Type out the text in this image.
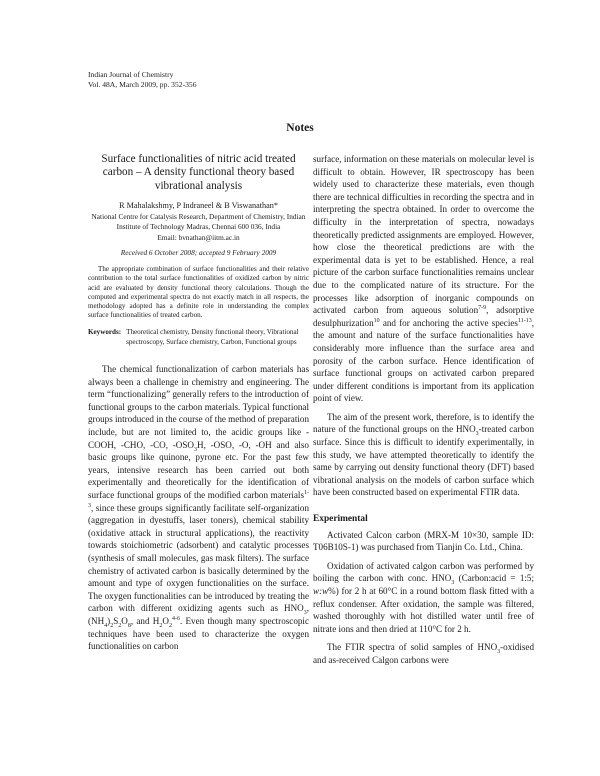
Indian Journal of Chemistry
Vol. 48A, March 2009, pp. 352-356
Notes
Surface functionalities of nitric acid treated carbon – A density functional theory based vibrational analysis
R Mahalakshmy, P Indraneel & B Viswanathan*
National Centre for Catalysis Research, Department of Chemistry, Indian Institute of Technology Madras, Chennai 600 036, India
Email: bvnathan@iitm.ac.in
Received 6 October 2008; accepted 9 February 2009

The appropriate combination of surface functionalities and their relative contribution to the total surface functionalities of oxidized carbon by nitric acid are evaluated by density functional theory calculations. Though the computed and experimental spectra do not exactly match in all respects, the methodology adopted has a definite role in understanding the complex surface functionalities of treated carbon.

Keywords: Theoretical chemistry, Density functional theory, Vibrational spectroscopy, Surface chemistry, Carbon, Functional groups

The chemical functionalization of carbon materials has always been a challenge in chemistry and engineering. The term “functionalizing” generally refers to the introduction of functional groups to the carbon materials. Typical functional groups introduced in the course of the method of preparation include, but are not limited to, the acidic groups like -COOH, -CHO, -CO, $-OSO_3H$, -OSO, -O, -OH and also basic groups like quinone, pyrone etc. For the past few years, intensive research has been carried out both experimentally and theoretically for the identification of surface functional groups of the modified carbon materials$^{1-3}$, since these groups significantly facilitate self-organization (aggregation in dyestuffs, laser toners), chemical stability (oxidative attack in structural applications), the reactivity towards stoichiometric (adsorbent) and catalytic processes (synthesis of small molecules, gas mask filters). The surface chemistry of activated carbon is basically determined by the amount and type of oxygen functionalities on the surface. The oxygen functionalities can be introduced by treating the carbon with different oxidizing agents such as $HNO_3$, $(NH_4)_2S_2O_8$, and $H_2O_2^{4-6}$. Even though many spectroscopic techniques have been used to characterize the oxygen functionalities on carbon

surface, information on these materials on molecular level is difficult to obtain. However, IR spectroscopy has been widely used to characterize these materials, even though there are technical difficulties in recording the spectra and in interpreting the spectra obtained. In order to overcome the difficulty in the interpretation of spectra, nowadays theoretically predicted assignments are employed. However, how close the theoretical predictions are with the experimental data is yet to be established. Hence, a real picture of the carbon surface functionalities remains unclear due to the complicated nature of its structure. For the processes like adsorption of inorganic compounds on activated carbon from aqueous solution$^{7-9}$, adsorptive desulphurization$^{10}$ and for anchoring the active species$^{11-13}$, the amount and nature of the surface functionalities have considerably more influence than the surface area and porosity of the carbon surface. Hence identification of surface functional groups on activated carbon prepared under different conditions is important from its application point of view.

The aim of the present work, therefore, is to identify the nature of the functional groups on the $HNO_3$-treated carbon surface. Since this is difficult to identify experimentally, in this study, we have attempted theoretically to identify the same by carrying out density functional theory (DFT) based vibrational analysis on the models of carbon surface which have been constructed based on experimental FTIR data.

Experimental

Activated Calcon carbon (MRX-M 10×30, sample ID: T06B10S-1) was purchased from Tianjin Co. Ltd., China.

Oxidation of activated calgon carbon was performed by boiling the carbon with conc. $HNO_3$ (Carbon:acid = 1:5; w:w%) for 2 h at 60°C in a round bottom flask fitted with a reflux condenser. After oxidation, the sample was filtered, washed thoroughly with hot distilled water until free of nitrate ions and then dried at 110°C for 2 h.

The FTIR spectra of solid samples of $HNO_3$-oxidised and as-received Calgon carbons were
